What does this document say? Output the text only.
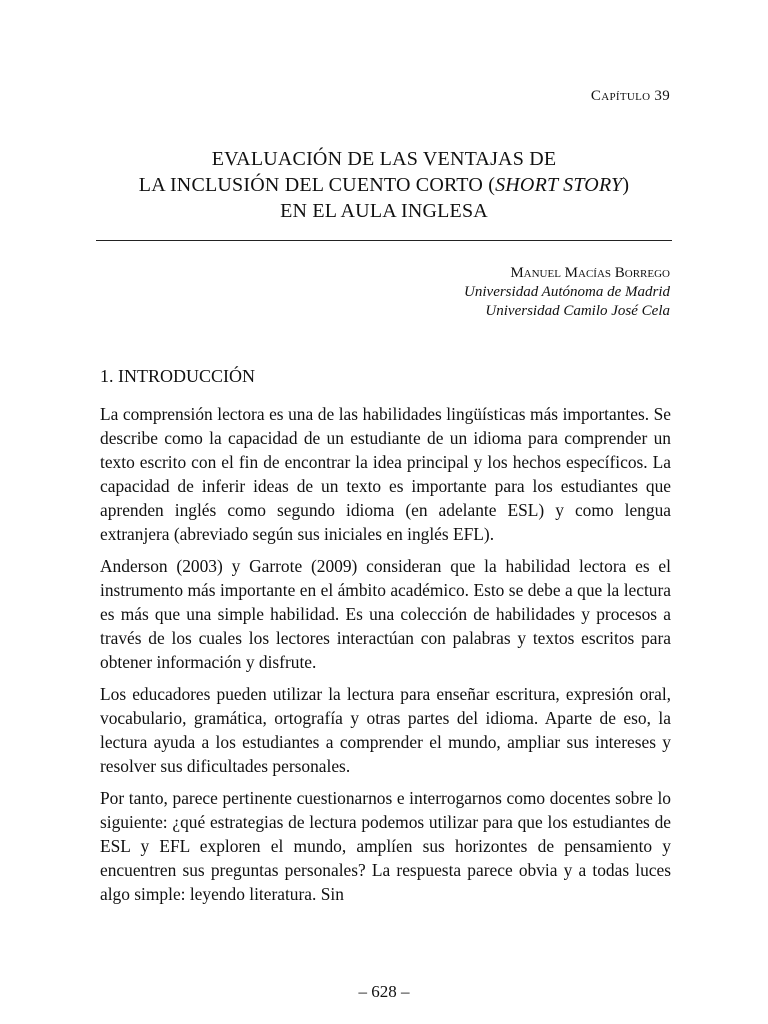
Capítulo 39
EVALUACIÓN DE LAS VENTAJAS DE
LA INCLUSIÓN DEL CUENTO CORTO (SHORT STORY)
EN EL AULA INGLESA
Manuel Macías Borrego
Universidad Autónoma de Madrid
Universidad Camilo José Cela
1. INTRODUCCIÓN

La comprensión lectora es una de las habilidades lingüísticas más importantes. Se describe como la capacidad de un estudiante de un idioma para comprender un texto escrito con el fin de encontrar la idea principal y los hechos específicos. La capacidad de inferir ideas de un texto es importante para los estudiantes que aprenden inglés como segundo idioma (en adelante ESL) y como lengua extranjera (abreviado según sus iniciales en inglés EFL).

Anderson (2003) y Garrote (2009) consideran que la habilidad lectora es el instrumento más importante en el ámbito académico. Esto se debe a que la lectura es más que una simple habilidad. Es una colección de habilidades y procesos a través de los cuales los lectores interactúan con palabras y textos escritos para obtener información y disfrute.

Los educadores pueden utilizar la lectura para enseñar escritura, expresión oral, vocabulario, gramática, ortografía y otras partes del idioma. Aparte de eso, la lectura ayuda a los estudiantes a comprender el mundo, ampliar sus intereses y resolver sus dificultades personales.

Por tanto, parece pertinente cuestionarnos e interrogarnos como docentes sobre lo siguiente: ¿qué estrategias de lectura podemos utilizar para que los estudiantes de ESL y EFL exploren el mundo, amplíen sus horizontes de pensamiento y encuentren sus preguntas personales? La respuesta parece obvia y a todas luces algo simple: leyendo literatura. Sin

– 628 –
